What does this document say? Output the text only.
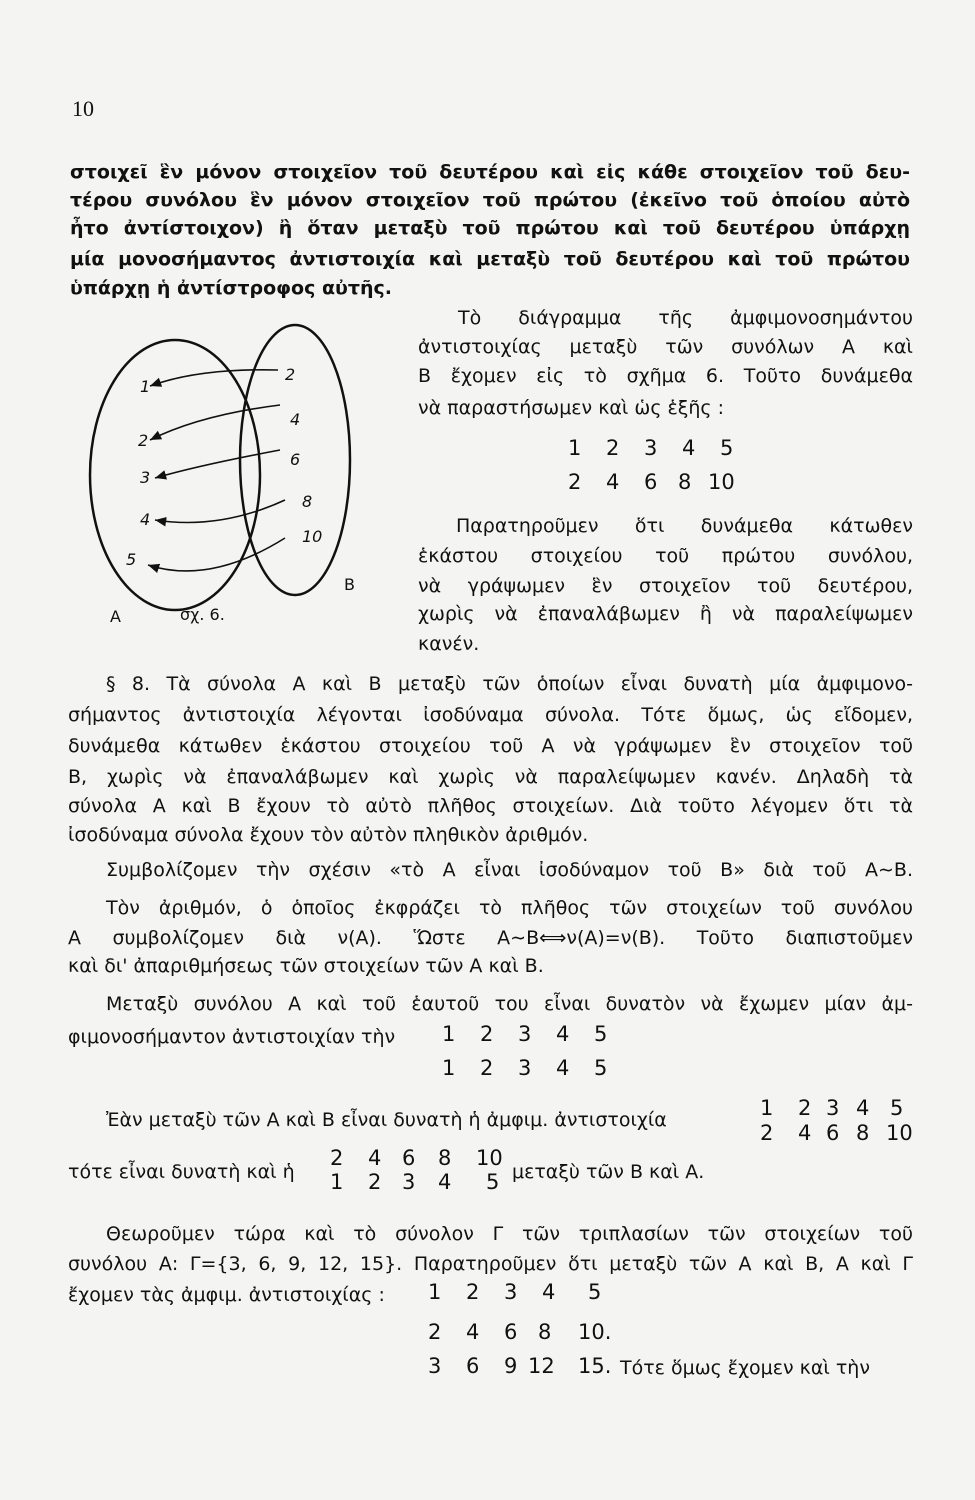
10
στοιχεῖ ἓν μόνον στοιχεῖον τοῦ δευτέρου καὶ εἰς κάθε στοιχεῖον τοῦ δευ-
τέρου συνόλου ἓν μόνον στοιχεῖον τοῦ πρώτου (ἐκεῖνο τοῦ ὁποίου αὐτὸ
ἦτο ἀντίστοιχον) ἢ ὅταν μεταξὺ τοῦ πρώτου καὶ τοῦ δευτέρου ὑπάρχῃ
μία μονοσήμαντος ἀντιστοιχία καὶ μεταξὺ τοῦ δευτέρου καὶ τοῦ πρώτου
ὑπάρχῃ ἡ ἀντίστροφος αὐτῆς.
1
2
3
4
5
2
4
6
8
10
Α
Β
σχ. 6.
Τὸ διάγραμμα τῆς ἀμφιμονοσημάντου
ἀντιστοιχίας μεταξὺ τῶν συνόλων Α καὶ
Β ἔχομεν εἰς τὸ σχῆμα 6. Τοῦτο δυνάμεθα
νὰ παραστήσωμεν καὶ ὡς ἑξῆς :
1 2 3 4 5
2 4 6 8 10
Παρατηροῦμεν ὅτι δυνάμεθα κάτωθεν
ἑκάστου στοιχείου τοῦ πρώτου συνόλου,
νὰ γράψωμεν ἓν στοιχεῖον τοῦ δευτέρου,
χωρὶς νὰ ἐπαναλάβωμεν ἢ νὰ παραλείψωμεν
κανέν.
§ 8. Τὰ σύνολα Α καὶ Β μεταξὺ τῶν ὁποίων εἶναι δυνατὴ μία ἀμφιμονο-
σήμαντος ἀντιστοιχία λέγονται ἰσοδύναμα σύνολα. Τότε ὅμως, ὡς εἴδομεν,
δυνάμεθα κάτωθεν ἑκάστου στοιχείου τοῦ Α νὰ γράψωμεν ἓν στοιχεῖον τοῦ
Β, χωρὶς νὰ ἐπαναλάβωμεν καὶ χωρὶς νὰ παραλείψωμεν κανέν. Δηλαδὴ τὰ
σύνολα Α καὶ Β ἔχουν τὸ αὐτὸ πλῆθος στοιχείων. Διὰ τοῦτο λέγομεν ὅτι τὰ
ἰσοδύναμα σύνολα ἔχουν τὸν αὐτὸν πληθικὸν ἀριθμόν.
Συμβολίζομεν τὴν σχέσιν «τὸ Α εἶναι ἰσοδύναμον τοῦ Β» διὰ τοῦ Α∼Β.
Τὸν ἀριθμόν, ὁ ὁποῖος ἐκφράζει τὸ πλῆθος τῶν στοιχείων τοῦ συνόλου
Α συμβολίζομεν διὰ ν(Α). Ὥστε Α∼Β⟺ν(Α)=ν(Β). Τοῦτο διαπιστοῦμεν
καὶ δι' ἀπαριθμήσεως τῶν στοιχείων τῶν Α καὶ Β.
Μεταξὺ συνόλου Α καὶ τοῦ ἑαυτοῦ του εἶναι δυνατὸν νὰ ἔχωμεν μίαν ἀμ-
φιμονοσήμαντον ἀντιστοιχίαν τὴν 1 2 3 4 5
1 2 3 4 5
Ἐὰν μεταξὺ τῶν Α καὶ Β εἶναι δυνατὴ ἡ ἀμφιμ. ἀντιστοιχία	1 2 3 4 5
2 4 6 8 10
τότε εἶναι δυνατὴ καὶ ἡ
2 4 6 8 10
1 2 3 4 5 μεταξὺ τῶν Β καὶ Α.
Θεωροῦμεν τώρα καὶ τὸ σύνολον Γ τῶν τριπλασίων τῶν στοιχείων τοῦ
συνόλου Α: Γ={3, 6, 9, 12, 15}. Παρατηροῦμεν ὅτι μεταξὺ τῶν Α καὶ Β, Α καὶ Γ
ἔχομεν τὰς ἀμφιμ. ἀντιστοιχίας : 1 2 3 4 5
2 4 6 8 10.
3 6 9 12 15. Τότε ὅμως ἔχομεν καὶ τὴν
